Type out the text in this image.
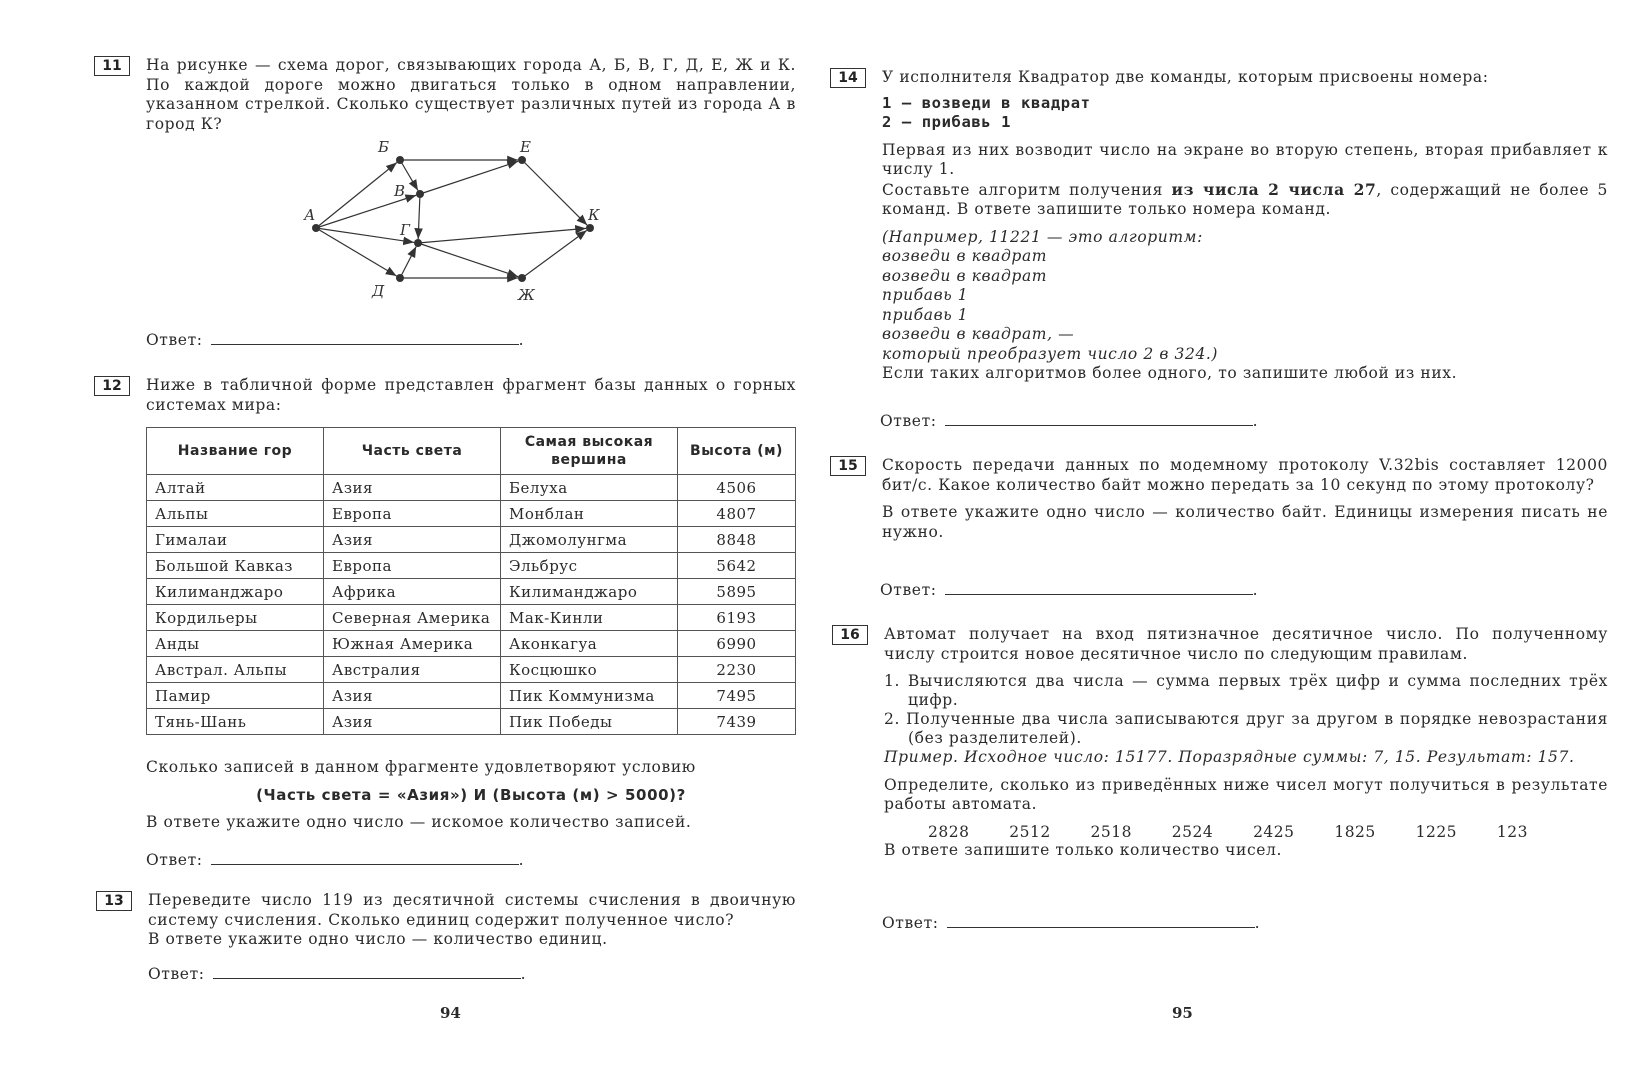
11	На рисунке — схема дорог, связывающих города А, Б, В, Г, Д, Е, Ж и К. По каждой дороге можно двигаться только в одном направлении, указанном стрелкой. Сколько существует различных путей из города А в город К?

А
Б
В
Г
Д
Е
Ж
К
Ответ:	.
12	Ниже в табличной форме представлен фрагмент базы данных о горных системах мира:

Название гор	Часть света	Самая высокая вершина	Высота (м)
Алтай	Азия	Белуха	4506
Альпы	Европа	Монблан	4807
Гималаи	Азия	Джомолунгма	8848
Большой Кавказ	Европа	Эльбрус	5642
Килиманджаро	Африка	Килиманджаро	5895
Кордильеры	Северная Америка	Мак-Кинли	6193
Анды	Южная Америка	Аконкагуа	6990
Австрал. Альпы	Австралия	Косцюшко	2230
Памир	Азия	Пик Коммунизма	7495
Тянь-Шань	Азия	Пик Победы	7439

Сколько записей в данном фрагменте удовлетворяют условию

(Часть света = «Азия») И (Высота (м) > 5000)?

В ответе укажите одно число — искомое количество записей.

Ответ:	.
13	Переведите число 119 из десятичной системы счисления в двоичную систему счисления. Сколько единиц содержит полученное число?

В ответе укажите одно число — количество единиц.

Ответ:	.
94
14	У исполнителя Квадратор две команды, которым присвоены номера:

1 — возведи в квадрат

2 — прибавь 1

Первая из них возводит число на экране во вторую степень, вторая прибавляет к числу 1.

Составьте алгоритм получения из числа 2 числа 27, содержащий не более 5 команд. В ответе запишите только номера команд.

(Например, 11221 — это алгоритм:

возведи в квадрат

возведи в квадрат

прибавь 1

прибавь 1

возведи в квадрат, —

который преобразует число 2 в 324.)

Если таких алгоритмов более одного, то запишите любой из них.

Ответ:	.
15	Скорость передачи данных по модемному протоколу V.32bis составляет 12000 бит/с. Какое количество байт можно передать за 10 секунд по этому протоколу?

В ответе укажите одно число — количество байт. Единицы измерения писать не нужно.

Ответ:	.
16	Автомат получает на вход пятизначное десятичное число. По полученному числу строится новое десятичное число по следующим правилам.

1. Вычисляются два числа — сумма первых трёх цифр и сумма последних трёх цифр.

2. Полученные два числа записываются друг за другом в порядке невозрастания (без разделителей).

Пример. Исходное число: 15177. Поразрядные суммы: 7, 15. Результат: 157.

Определите, сколько из приведённых ниже чисел могут получиться в результате работы автомата.

2828	2512	2518	2524	2425	1825	1225	123

В ответе запишите только количество чисел.

Ответ:	.
95
